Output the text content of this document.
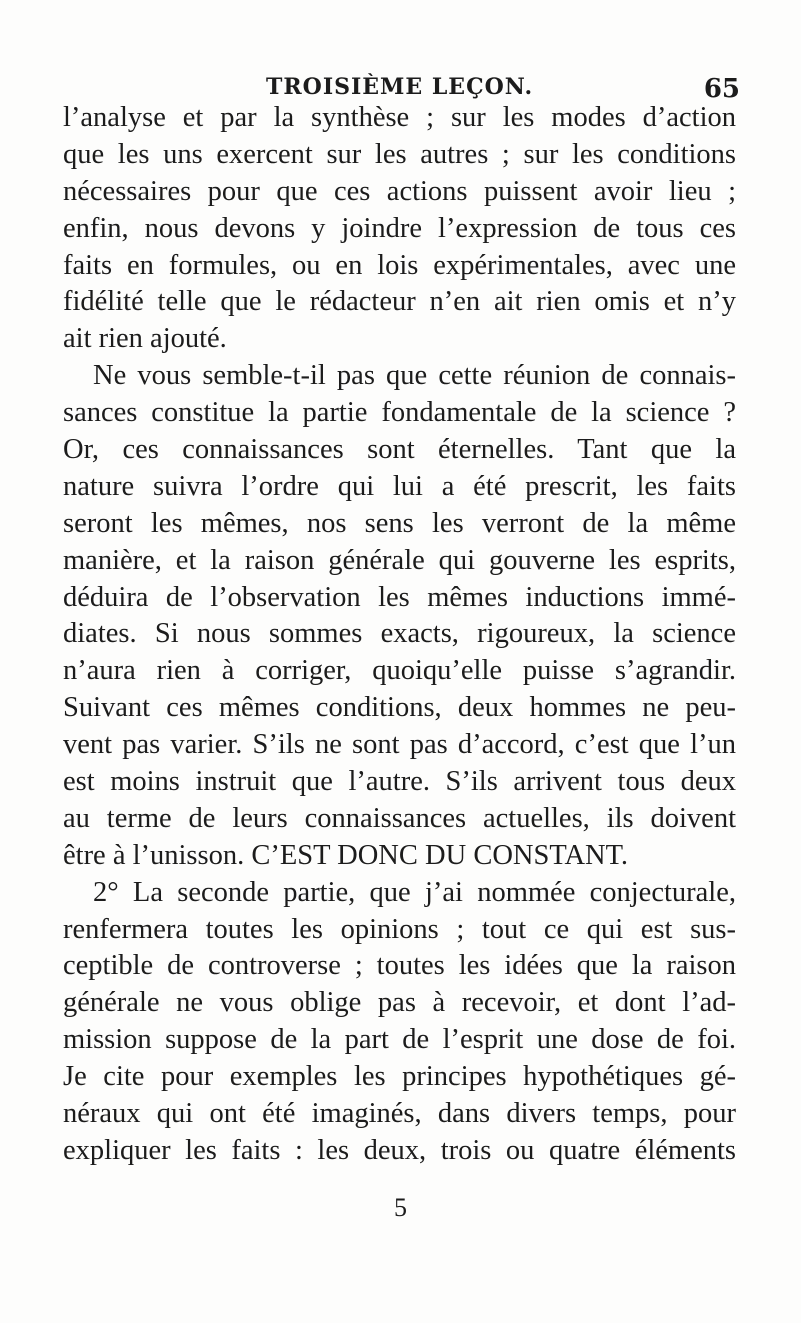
TROISIÈME LEÇON.	65
l’analyse et par la synthèse ; sur les modes d’action
que les uns exercent sur les autres ; sur les conditions
nécessaires pour que ces actions puissent avoir lieu ;
enfin, nous devons y joindre l’expression de tous ces
faits en formules, ou en lois expérimentales, avec une
fidélité telle que le rédacteur n’en ait rien omis et n’y
ait rien ajouté.
Ne vous semble-t-il pas que cette réunion de connais-
sances constitue la partie fondamentale de la science ?
Or, ces connaissances sont éternelles. Tant que la
nature suivra l’ordre qui lui a été prescrit, les faits
seront les mêmes, nos sens les verront de la même
manière, et la raison générale qui gouverne les esprits,
déduira de l’observation les mêmes inductions immé-
diates. Si nous sommes exacts, rigoureux, la science
n’aura rien à corriger, quoiqu’elle puisse s’agrandir.
Suivant ces mêmes conditions, deux hommes ne peu-
vent pas varier. S’ils ne sont pas d’accord, c’est que l’un
est moins instruit que l’autre. S’ils arrivent tous deux
au terme de leurs connaissances actuelles, ils doivent
être à l’unisson. C’EST DONC DU CONSTANT.
2° La seconde partie, que j’ai nommée conjecturale,
renfermera toutes les opinions ; tout ce qui est sus-
ceptible de controverse ; toutes les idées que la raison
générale ne vous oblige pas à recevoir, et dont l’ad-
mission suppose de la part de l’esprit une dose de foi.
Je cite pour exemples les principes hypothétiques gé-
néraux qui ont été imaginés, dans divers temps, pour
expliquer les faits : les deux, trois ou quatre éléments
5
